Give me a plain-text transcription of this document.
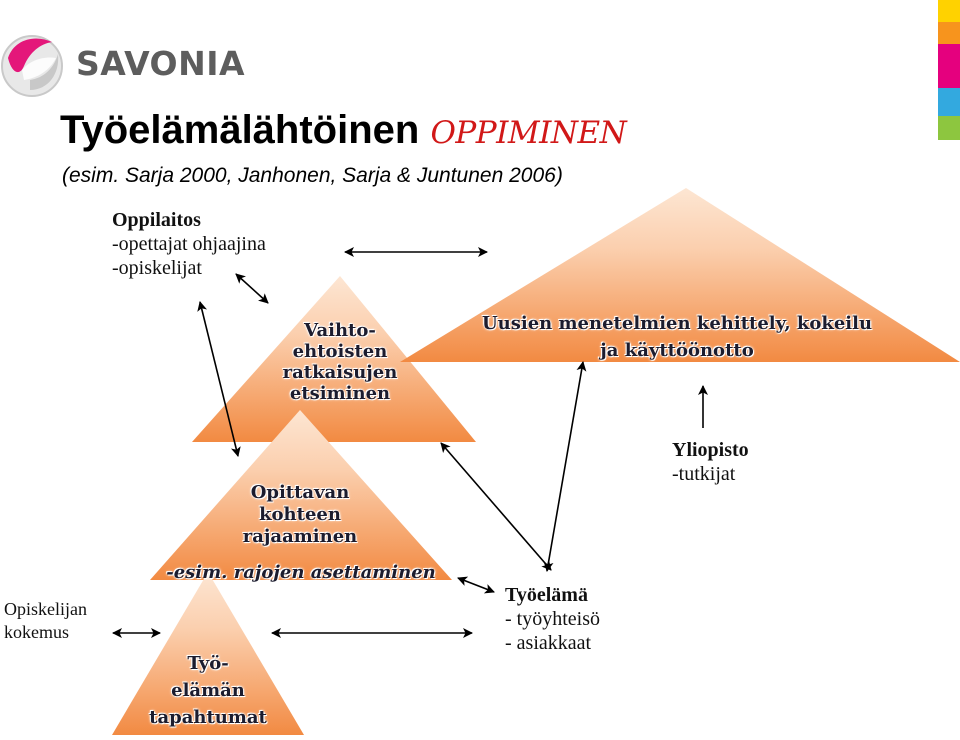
SAVONIA
Työelämälähtöinen OPPIMINEN
(esim. Sarja 2000, Janhonen, Sarja & Juntunen 2006)
Oppilaitos
-opettajat ohjaajina
-opiskelijat
Yliopisto
-tutkijat
Työelämä
- työyhteisö
- asiakkaat
Opiskelijan
kokemus
Vaihto-
ehtoisten
ratkaisujen
etsiminen
Uusien menetelmien kehittely, kokeilu
ja käyttöönotto
Opittavan
kohteen
rajaaminen
-esim. rajojen asettaminen
Työ-
elämän
tapahtumat
